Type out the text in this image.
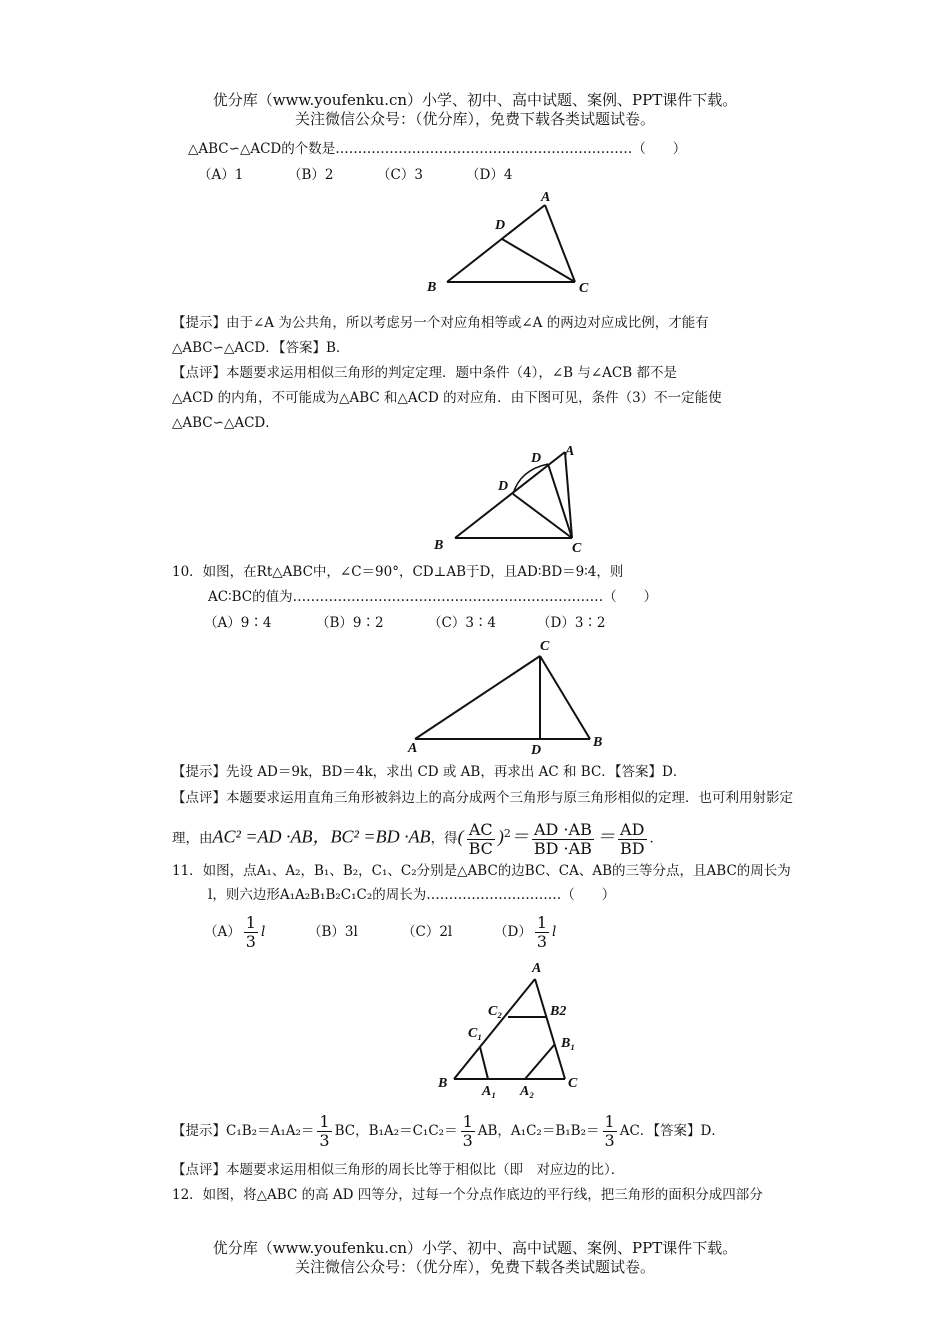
优分库（www.youfenku.cn）小学、初中、高中试题、案例、PPT课件下载。
关注微信公众号：（优分库），免费下载各类试题试卷。
△ABC∽△ACD的个数是…………………………………………………………（　　）
（A）1	（B）2	（C）3	（D）4
A
B	C
D
【提示】由于∠A 为公共角，所以考虑另一个对应角相等或∠A 的两边对应成比例，才能有
△ABC∽△ACD．【答案】B．
【点评】本题要求运用相似三角形的判定定理．题中条件（4），∠B 与∠ACB 都不是
△ACD 的内角，不可能成为△ABC 和△ACD 的对应角．由下图可见，条件（3）不一定能使
△ABC∽△ACD．
A
B	C
D
D
10．如图，在Rt△ABC中，∠C＝90°，CD⊥AB于D，且AD∶BD＝9∶4，则
AC∶BC的值为……………………………………………………………（　　）
（A）9∶4	（B）9∶2	（C）3∶4	（D）3∶2
A	B
C
D
【提示】先设 AD＝9k，BD＝4k，求出 CD 或 AB，再求出 AC 和 BC．【答案】D．
【点评】本题要求运用直角三角形被斜边上的高分成两个三角形与原三角形相似的定理．也可利用射影定
理，由AC² =AD ·AB，BC² =BD ·AB，得( $\frac{AC}{BC} )^2= \frac{AD \cdot AB}{BD \cdot AB} = \frac{AD}{BD}$ ．
11．如图，点A₁、A₂，B₁、B₂，C₁、C₂分别是△ABC的边BC、CA、AB的三等分点，且ABC的周长为
l，则六边形A₁A₂B₁B₂C₁C₂的周长为…………………………（　　）
$(A) \frac{1}{3}$ l	（B）3l	（C）2l	$(D) \frac{1}{3}$ l
A
B	C
C₂	B2
C₁
B₁
A₁ A₂
【提示】$C_1B_2=A_1A_2= \frac{1}{3}$ BC，$B_1A_2=C_1C_2= \frac{1}{3}$ AB，$A_1C_2=B_1B_2= \frac{1}{3}$ AC．【答案】D．
【点评】本题要求运用相似三角形的周长比等于相似比（即　对应边的比）．
12．如图，将△ABC 的高 AD 四等分，过每一个分点作底边的平行线，把三角形的面积分成四部分
优分库（www.youfenku.cn）小学、初中、高中试题、案例、PPT课件下载。
关注微信公众号：（优分库），免费下载各类试题试卷。
